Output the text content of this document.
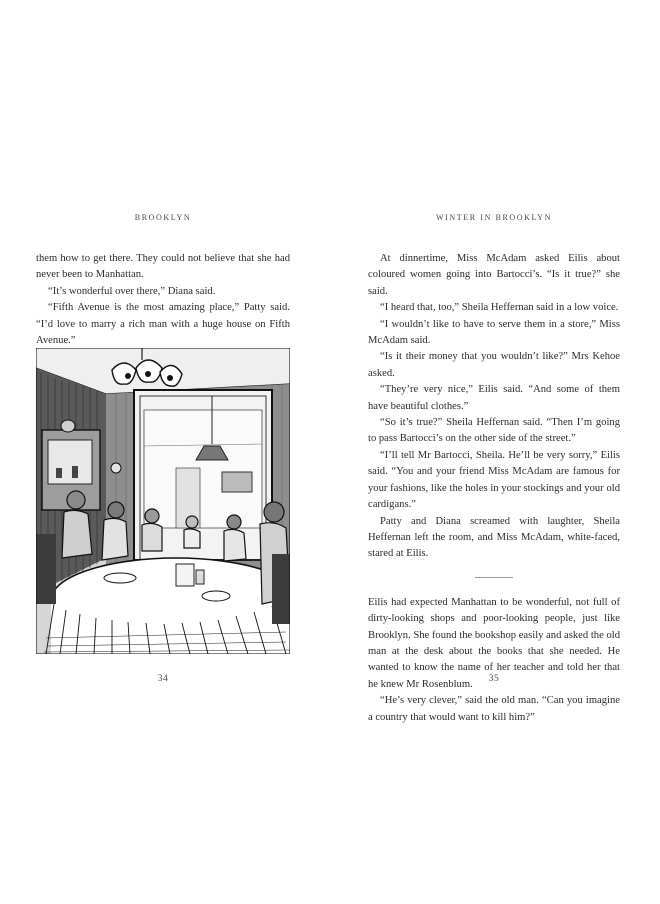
BROOKLYN

them how to get there. They could not believe that she had never been to Manhattan.

“It’s wonderful over there,” Diana said.

“Fifth Avenue is the most amazing place,” Patty said. “I’d love to marry a rich man with a huge house on Fifth Avenue.”

34
WINTER IN BROOKLYN

At dinnertime, Miss McAdam asked Eilis about coloured women going into Bartocci’s. “Is it true?” she said.

“I heard that, too,” Sheila Heffernan said in a low voice.

“I wouldn’t like to have to serve them in a store,” Miss McAdam said.

“Is it their money that you wouldn’t like?” Mrs Kehoe asked.

“They’re very nice,” Eilis said. “And some of them have beautiful clothes.”

“So it’s true?” Sheila Heffernan said. “Then I’m going to pass Bartocci’s on the other side of the street.”

“I’ll tell Mr Bartocci, Sheila. He’ll be very sorry,” Eilis said. “You and your friend Miss McAdam are famous for your fashions, like the holes in your stockings and your old cardigans.”

Patty and Diana screamed with laughter, Sheila Heffernan left the room, and Miss McAdam, white-faced, stared at Eilis.

Eilis had expected Manhattan to be wonderful, not full of dirty-looking shops and poor-looking people, just like Brooklyn. She found the bookshop easily and asked the old man at the desk about the books that she needed. He wanted to know the name of her teacher and told her that he knew Mr Rosenblum.

“He’s very clever,” said the old man. “Can you imagine a country that would want to kill him?”

35
